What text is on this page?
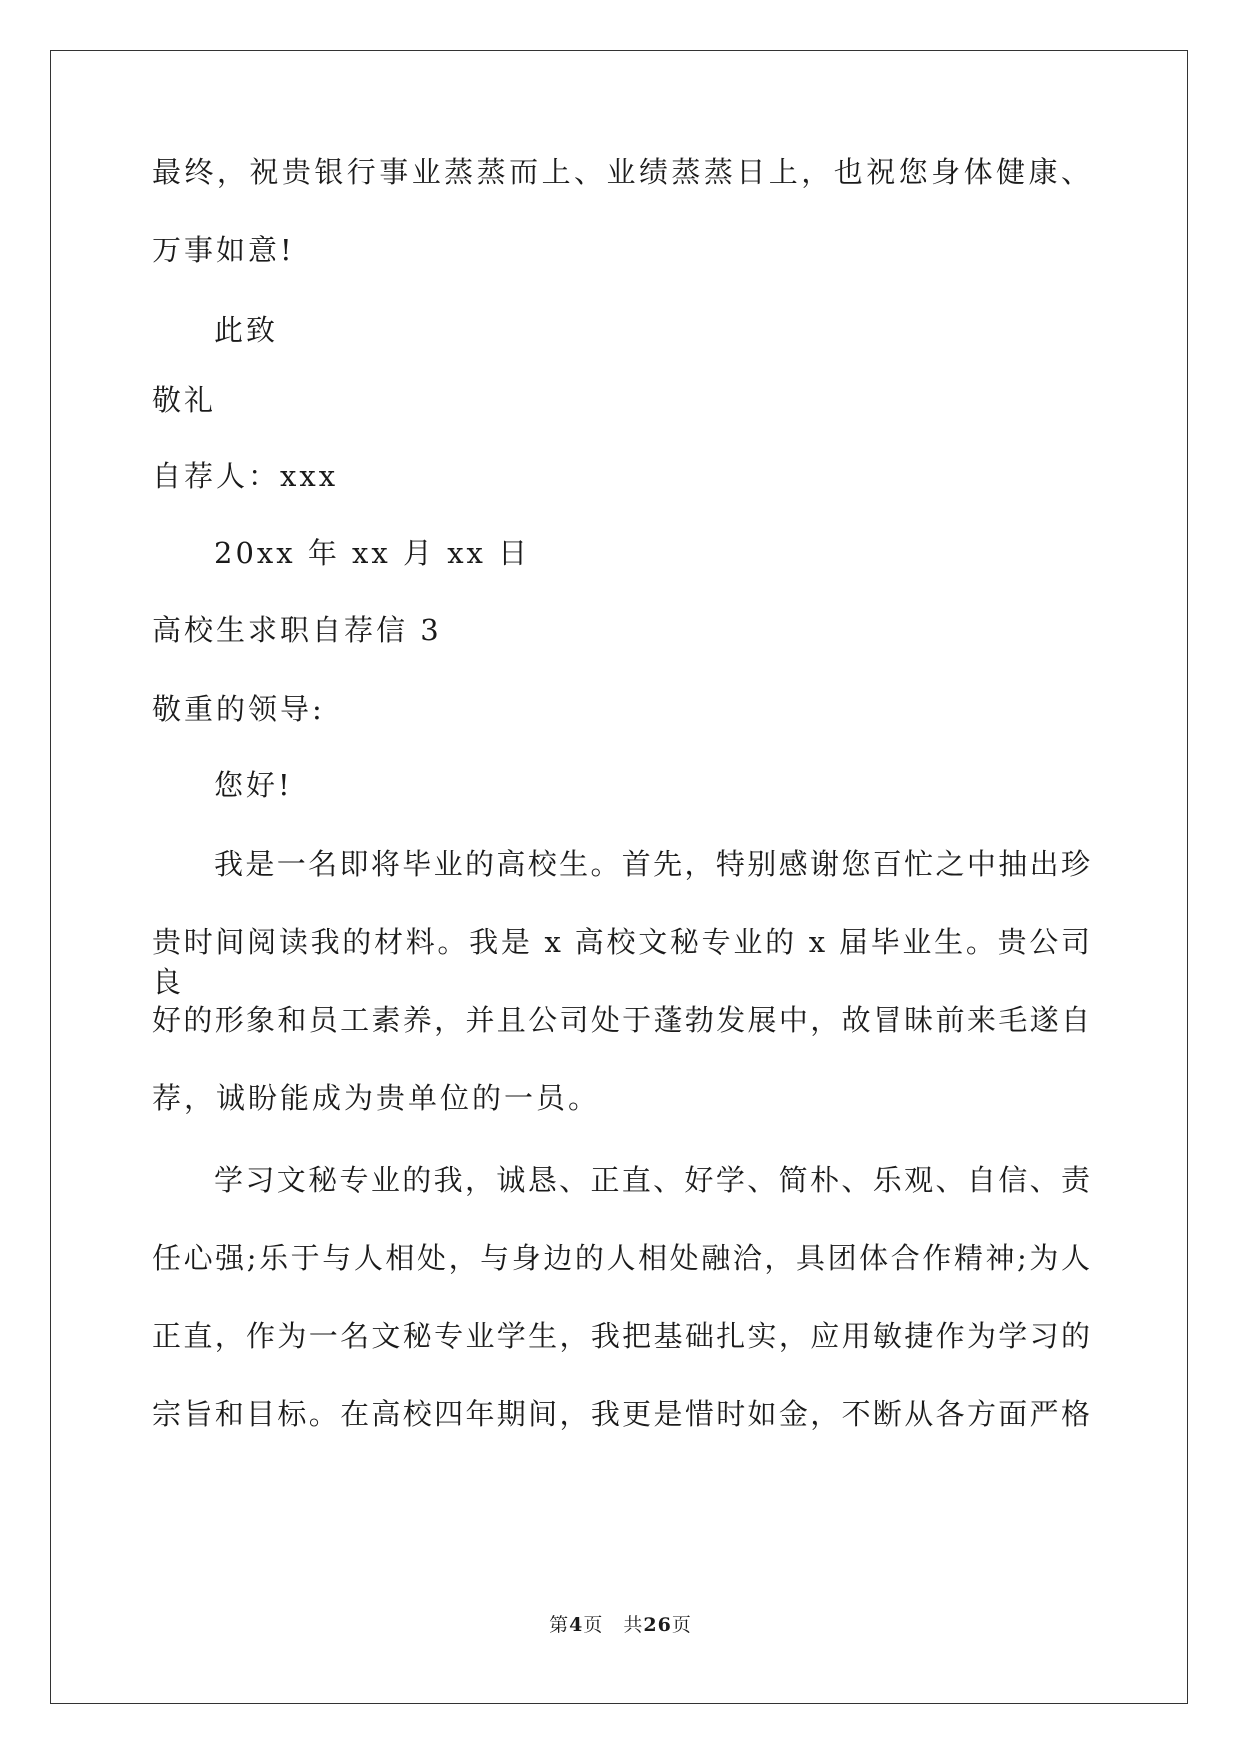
最终，祝贵银行事业蒸蒸而上、业绩蒸蒸日上，也祝您身体健康、
万事如意!
此致
敬礼
自荐人：xxx
20xx 年 xx 月 xx 日
高校生求职自荐信 3
敬重的领导:
您好!
我是一名即将毕业的高校生。首先，特别感谢您百忙之中抽出珍
贵时间阅读我的材料。我是 x 高校文秘专业的 x 届毕业生。贵公司良
好的形象和员工素养，并且公司处于蓬勃发展中，故冒昧前来毛遂自
荐，诚盼能成为贵单位的一员。
学习文秘专业的我，诚恳、正直、好学、简朴、乐观、自信、责
任心强;乐于与人相处，与身边的人相处融洽，具团体合作精神;为人
正直，作为一名文秘专业学生，我把基础扎实，应用敏捷作为学习的
宗旨和目标。在高校四年期间，我更是惜时如金，不断从各方面严格
第4页　共26页
